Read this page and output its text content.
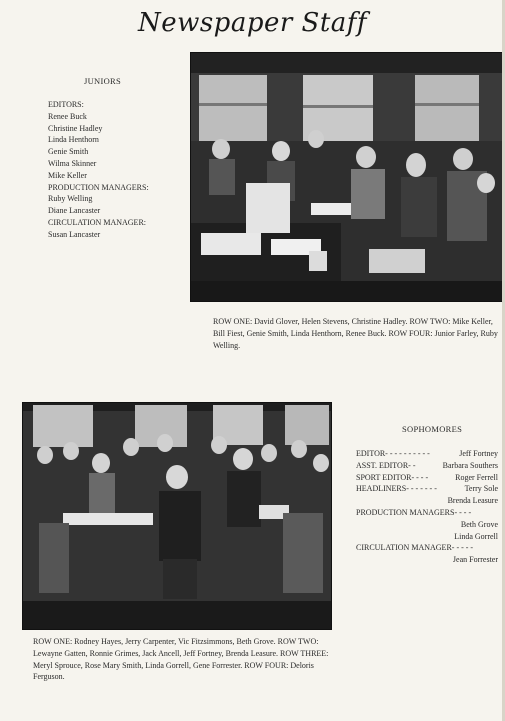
Newspaper Staff
JUNIORS
EDITORS:
Renee Buck
Christine Hadley
Linda Henthorn
Genie Smith
Wilma Skinner
Mike Keller
PRODUCTION MANAGERS:
Ruby Welling
Diane Lancaster
CIRCULATION MANAGER:
Susan Lancaster
ROW ONE: David Glover, Helen Stevens, Christine Hadley. ROW TWO: Mike Keller, Bill Fiest, Genie Smith, Linda Henthorn, Renee Buck. ROW FOUR: Junior Farley, Ruby Welling.
SOPHOMORES
EDITOR- - - - - - - - - -	Jeff Fortney
ASST. EDITOR- -	Barbara Southers
SPORT EDITOR- - - -	Roger Ferrell
HEADLINERS- - - - - - -	Terry Sole
Brenda Leasure
PRODUCTION MANAGERS- - - -
Beth Grove
Linda Gorrell
CIRCULATION MANAGER- - - - -
Jean Forrester
ROW ONE: Rodney Hayes, Jerry Carpenter, Vic Fitzsimmons, Beth Grove. ROW TWO: Lewayne Gatten, Ronnie Grimes, Jack Ancell, Jeff Fortney, Brenda Leasure. ROW THREE: Meryl Sprouce, Rose Mary Smith, Linda Gorrell, Gene Forrester. ROW FOUR: Deloris Ferguson.
